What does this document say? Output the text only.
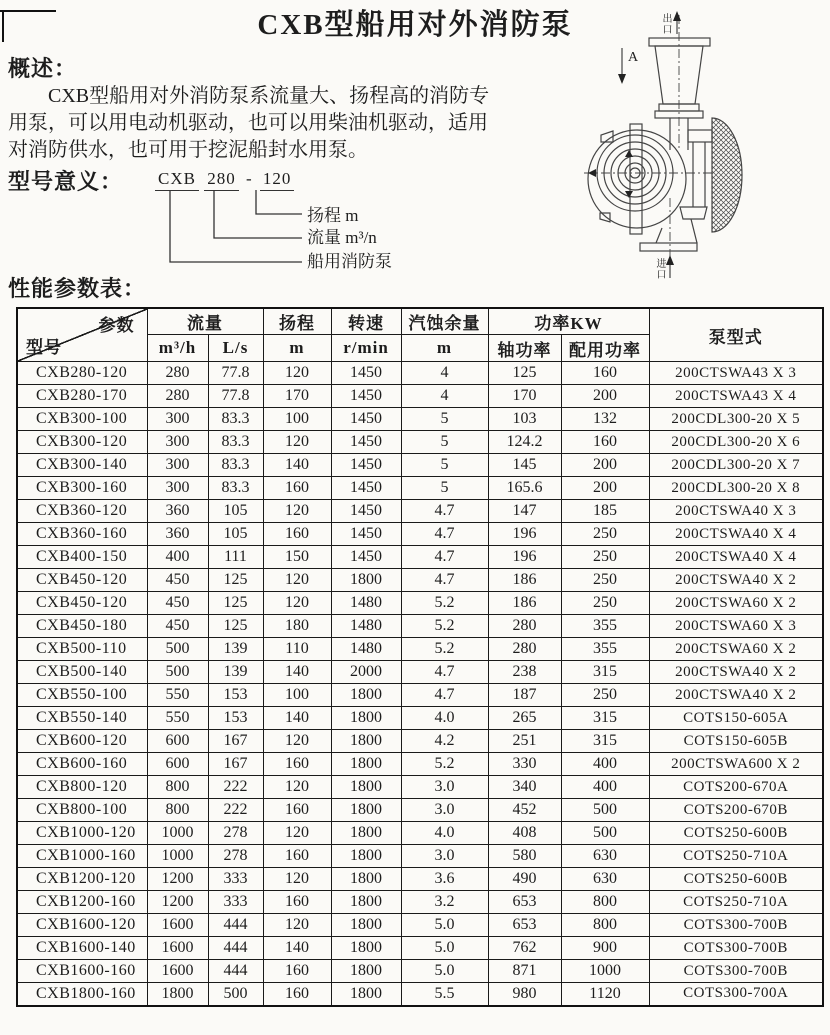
CXB型船用对外消防泵
概述：
CXB型船用对外消防泵系流量大、扬程高的消防专
用泵，可以用电动机驱动，也可以用柴油机驱动，适用
对消防供水，也可用于挖泥船封水用泵。
型号意义： CXB 280 - 120
扬程 m
流量 m³/n
船用消防泵
出口
进口
A
性能参数表：
参数
型号	流量		扬程	转速	汽蚀余量	功率KW		泵型式
	m³/h	L/s	m	r/min	m	轴功率	配用功率	
CXB280-120	280	77.8	120	1450	4	125	160	200CTSWA43 X 3
CXB280-170	280	77.8	170	1450	4	170	200	200CTSWA43 X 4
CXB300-100	300	83.3	100	1450	5	103	132	200CDL300-20 X 5
CXB300-120	300	83.3	120	1450	5	124.2	160	200CDL300-20 X 6
CXB300-140	300	83.3	140	1450	5	145	200	200CDL300-20 X 7
CXB300-160	300	83.3	160	1450	5	165.6	200	200CDL300-20 X 8
CXB360-120	360	105	120	1450	4.7	147	185	200CTSWA40 X 3
CXB360-160	360	105	160	1450	4.7	196	250	200CTSWA40 X 4
CXB400-150	400	111	150	1450	4.7	196	250	200CTSWA40 X 4
CXB450-120	450	125	120	1800	4.7	186	250	200CTSWA40 X 2
CXB450-120	450	125	120	1480	5.2	186	250	200CTSWA60 X 2
CXB450-180	450	125	180	1480	5.2	280	355	200CTSWA60 X 3
CXB500-110	500	139	110	1480	5.2	280	355	200CTSWA60 X 2
CXB500-140	500	139	140	2000	4.7	238	315	200CTSWA40 X 2
CXB550-100	550	153	100	1800	4.7	187	250	200CTSWA40 X 2
CXB550-140	550	153	140	1800	4.0	265	315	COTS150-605A
CXB600-120	600	167	120	1800	4.2	251	315	COTS150-605B
CXB600-160	600	167	160	1800	5.2	330	400	200CTSWA600 X 2
CXB800-120	800	222	120	1800	3.0	340	400	COTS200-670A
CXB800-100	800	222	160	1800	3.0	452	500	COTS200-670B
CXB1000-120	1000	278	120	1800	4.0	408	500	COTS250-600B
CXB1000-160	1000	278	160	1800	3.0	580	630	COTS250-710A
CXB1200-120	1200	333	120	1800	3.6	490	630	COTS250-600B
CXB1200-160	1200	333	160	1800	3.2	653	800	COTS250-710A
CXB1600-120	1600	444	120	1800	5.0	653	800	COTS300-700B
CXB1600-140	1600	444	140	1800	5.0	762	900	COTS300-700B
CXB1600-160	1600	444	160	1800	5.0	871	1000	COTS300-700B
CXB1800-160	1800	500	160	1800	5.5	980	1120	COTS300-700A
